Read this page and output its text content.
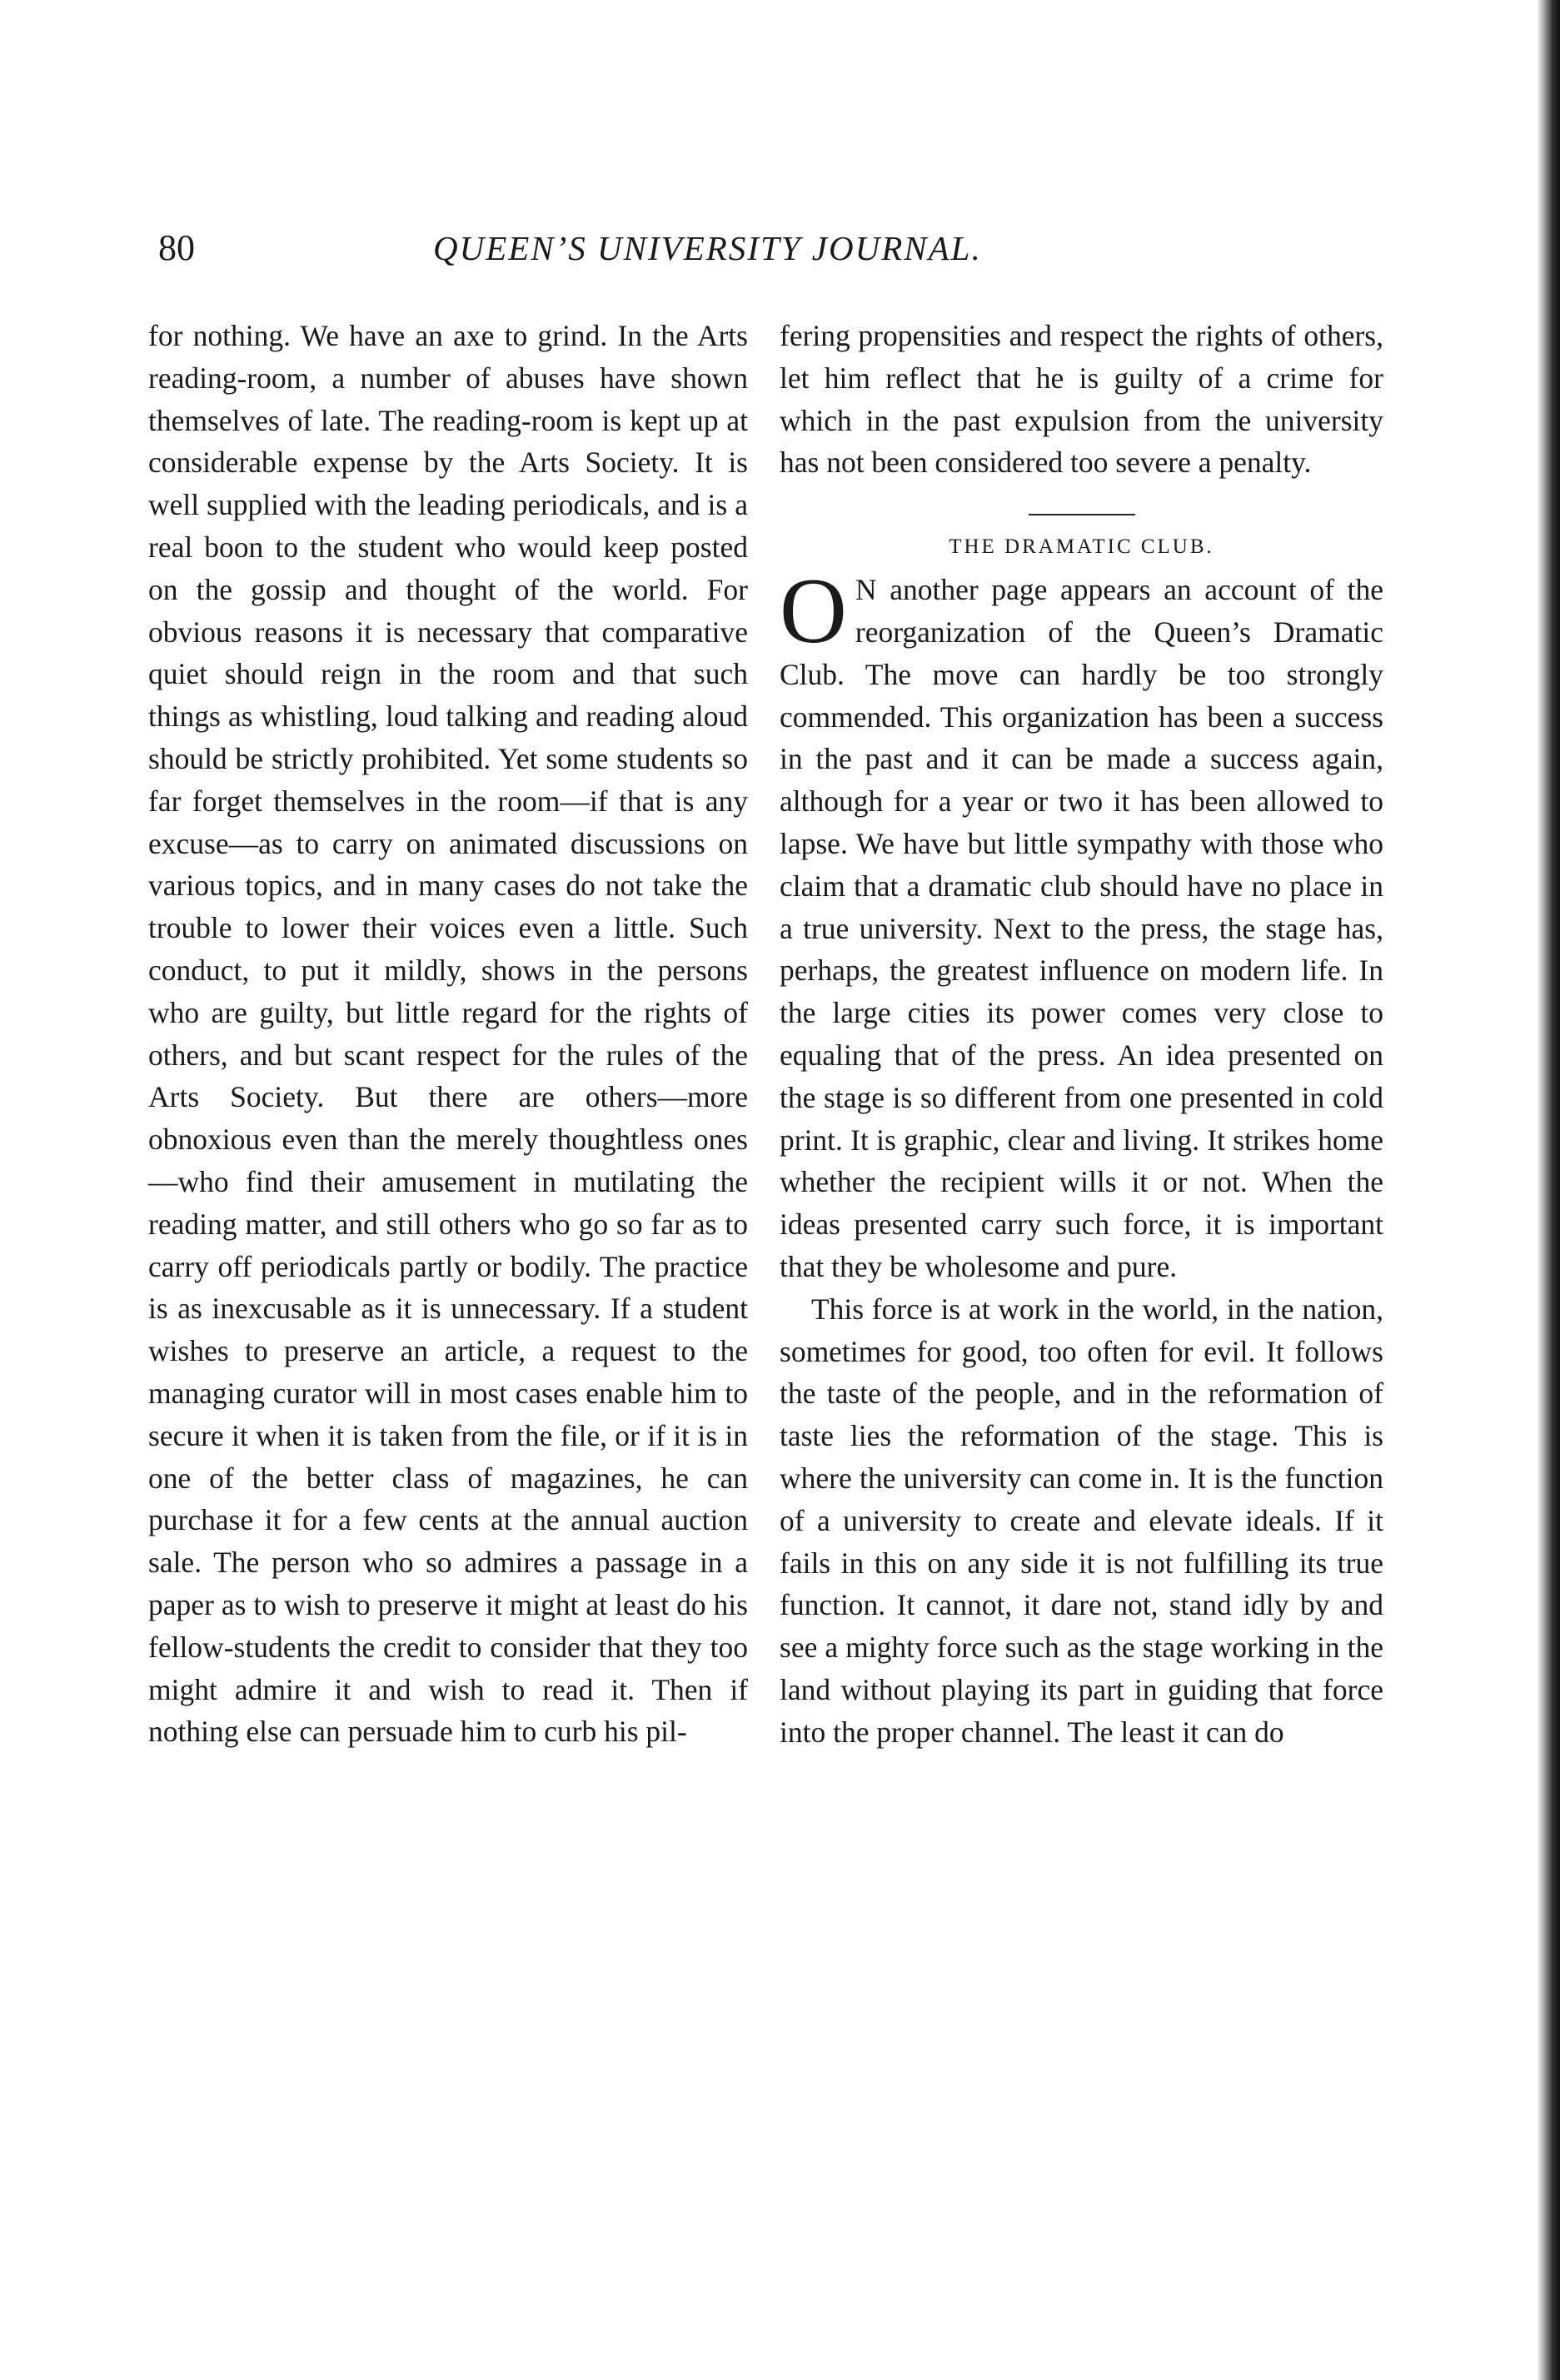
80	QUEEN’S UNIVERSITY JOURNAL.

for nothing. We have an axe to grind. In the Arts reading-room, a number of abuses have shown themselves of late. The reading-room is kept up at considerable expense by the Arts Society. It is well supplied with the leading periodicals, and is a real boon to the student who would keep posted on the gossip and thought of the world. For obvious reasons it is necessary that comparative quiet should reign in the room and that such things as whistling, loud talking and reading aloud should be strictly prohibited. Yet some students so far forget themselves in the room—if that is any excuse—as to carry on animated discussions on various topics, and in many cases do not take the trouble to lower their voices even a little. Such conduct, to put it mildly, shows in the persons who are guilty, but little regard for the rights of others, and but scant respect for the rules of the Arts Society. But there are others—more obnoxious even than the merely thoughtless ones—who find their amusement in mutilating the reading matter, and still others who go so far as to carry off periodicals partly or bodily. The practice is as inexcusable as it is unnecessary. If a student wishes to preserve an article, a request to the managing curator will in most cases enable him to secure it when it is taken from the file, or if it is in one of the better class of magazines, he can purchase it for a few cents at the annual auction sale. The person who so admires a passage in a paper as to wish to preserve it might at least do his fellow-students the credit to consider that they too might admire it and wish to read it. Then if nothing else can persuade him to curb his pil-

fering propensities and respect the rights of others, let him reflect that he is guilty of a crime for which in the past expulsion from the university has not been considered too severe a penalty.

THE DRAMATIC CLUB.

O N another page appears an account of the reorganization of the Queen’s Dramatic Club. The move can hardly be too strongly commended. This organization has been a success in the past and it can be made a success again, although for a year or two it has been allowed to lapse. We have but little sympathy with those who claim that a dramatic club should have no place in a true university. Next to the press, the stage has, perhaps, the greatest influence on modern life. In the large cities its power comes very close to equaling that of the press. An idea presented on the stage is so different from one presented in cold print. It is graphic, clear and living. It strikes home whether the recipient wills it or not. When the ideas presented carry such force, it is important that they be wholesome and pure.

This force is at work in the world, in the nation, sometimes for good, too often for evil. It follows the taste of the people, and in the reformation of taste lies the reformation of the stage. This is where the university can come in. It is the function of a university to create and elevate ideals. If it fails in this on any side it is not fulfilling its true function. It cannot, it dare not, stand idly by and see a mighty force such as the stage working in the land without playing its part in guiding that force into the proper channel. The least it can do
